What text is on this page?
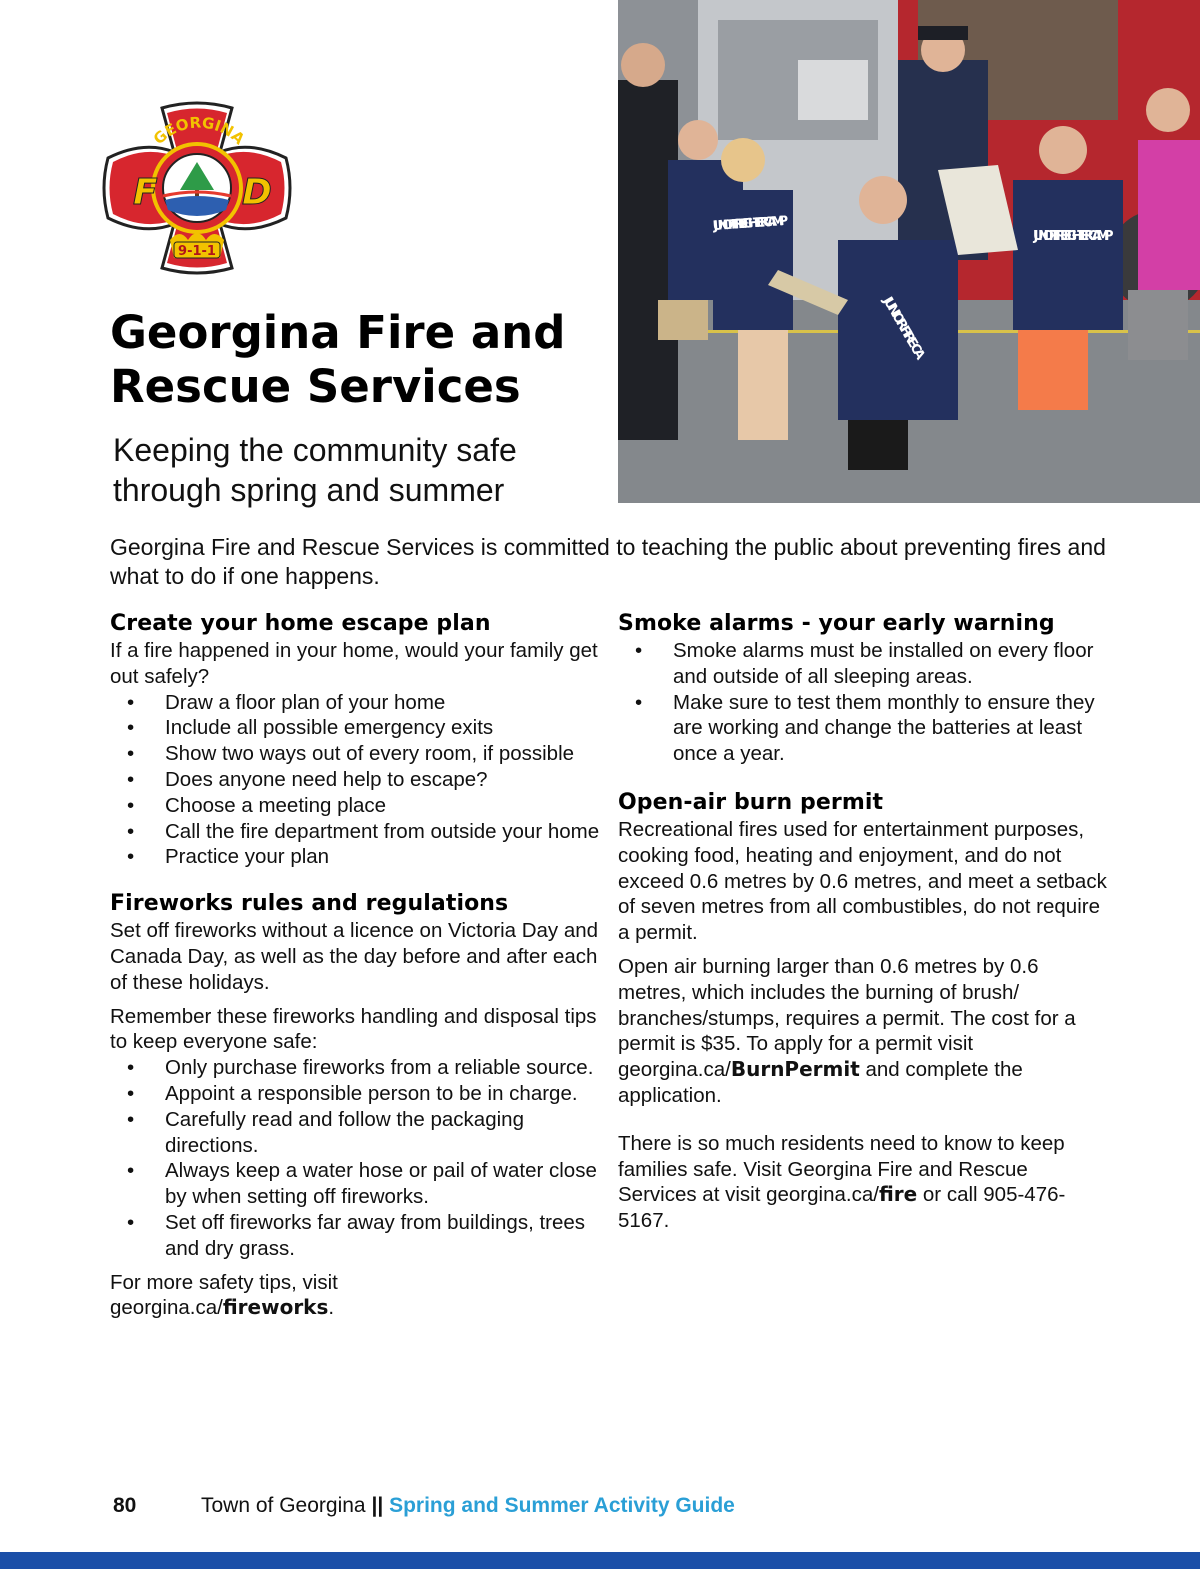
F D
GEORGINA
9-1-1
JUNIOR FIRE FIGHTER CAMP
JUNIOR FIREFIGHTER CAMP
JUNIOR FIRE CA
Georgina Fire and Rescue Services
Keeping the community safe through spring and summer

Georgina Fire and Rescue Services is committed to teaching the public about preventing fires and what to do if one happens.

Create your home escape plan

If a fire happened in your home, would your family get out safely?

• Draw a floor plan of your home
• Include all possible emergency exits
• Show two ways out of every room, if possible
• Does anyone need help to escape?
• Choose a meeting place
• Call the fire department from outside your home
• Practice your plan
Fireworks rules and regulations

Set off fireworks without a licence on Victoria Day and Canada Day, as well as the day before and after each of these holidays.

Remember these fireworks handling and disposal tips to keep everyone safe:

• Only purchase fireworks from a reliable source.
• Appoint a responsible person to be in charge.
• Carefully read and follow the packaging directions.
• Always keep a water hose or pail of water close by when setting off fireworks.
• Set off fireworks far away from buildings, trees and dry grass.

For more safety tips, visit
georgina.ca/fireworks.

Smoke alarms - your early warning
• Smoke alarms must be installed on every floor and outside of all sleeping areas.
• Make sure to test them monthly to ensure they are working and change the batteries at least once a year.
Open-air burn permit

Recreational fires used for entertainment purposes, cooking food, heating and enjoyment, and do not exceed 0.6 metres by 0.6 metres, and meet a setback of seven metres from all combustibles, do not require a permit.

Open air burning larger than 0.6 metres by 0.6 metres, which includes the burning of brush/ branches/stumps, requires a permit. The cost for a permit is $35. To apply for a permit visit georgina.ca/BurnPermit and complete the application.

There is so much residents need to know to keep families safe. Visit Georgina Fire and Rescue Services at visit georgina.ca/fire or call 905-476-5167.

80	Town of Georgina || Spring and Summer Activity Guide
